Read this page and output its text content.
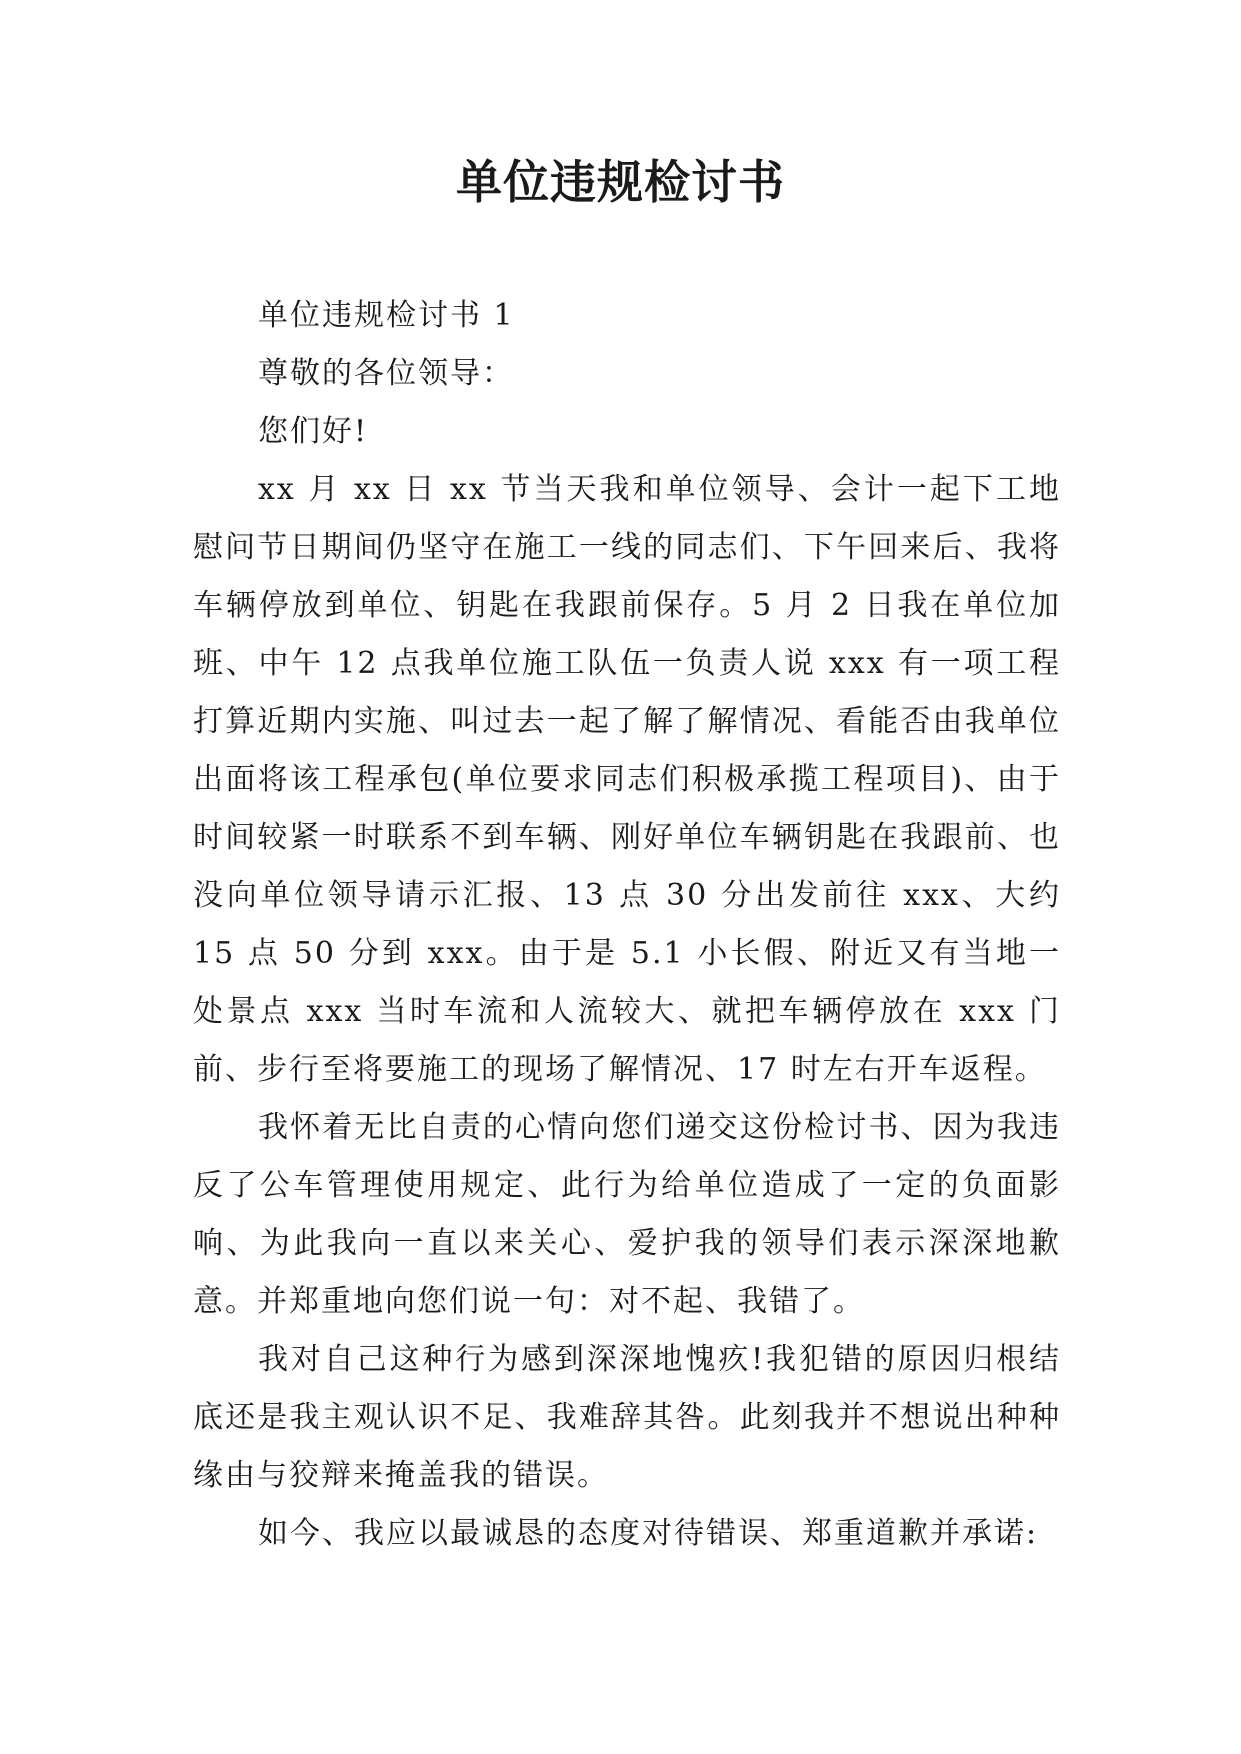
单位违规检讨书

单位违规检讨书 1

尊敬的各位领导：

您们好!

xx 月 xx 日 xx 节当天我和单位领导、会计一起下工地慰问节日期间仍坚守在施工一线的同志们、下午回来后、我将车辆停放到单位、钥匙在我跟前保存。5 月 2 日我在单位加班、中午 12 点我单位施工队伍一负责人说 xxx 有一项工程打算近期内实施、叫过去一起了解了解情况、看能否由我单位出面将该工程承包(单位要求同志们积极承揽工程项目)、由于时间较紧一时联系不到车辆、刚好单位车辆钥匙在我跟前、也没向单位领导请示汇报、13 点 30 分出发前往 xxx、大约 15 点 50 分到 xxx。由于是 5.1 小长假、附近又有当地一处景点 xxx 当时车流和人流较大、就把车辆停放在 xxx 门前、步行至将要施工的现场了解情况、17 时左右开车返程。

我怀着无比自责的心情向您们递交这份检讨书、因为我违反了公车管理使用规定、此行为给单位造成了一定的负面影响、为此我向一直以来关心、爱护我的领导们表示深深地歉意。并郑重地向您们说一句：对不起、我错了。

我对自己这种行为感到深深地愧疚!我犯错的原因归根结底还是我主观认识不足、我难辞其咎。此刻我并不想说出种种缘由与狡辩来掩盖我的错误。

如今、我应以最诚恳的态度对待错误、郑重道歉并承诺:
